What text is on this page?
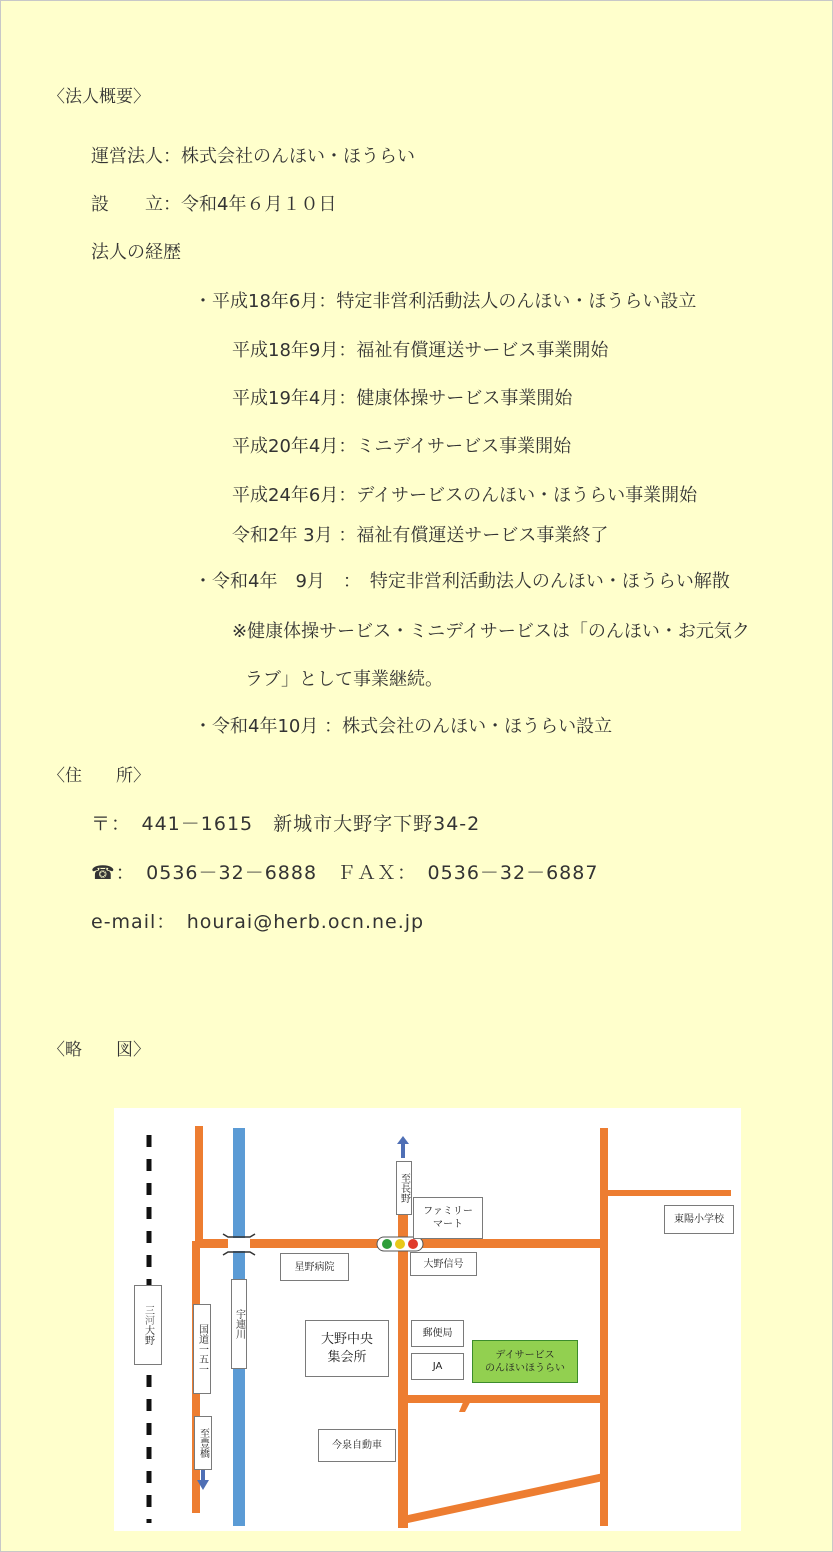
〈法人概要〉
運営法人：株式会社のんほい・ほうらい
設　　立：令和4年６月１０日
法人の経歴
・平成18年6月：特定非営利活動法人のんほい・ほうらい設立
平成18年9月：福祉有償運送サービス事業開始
平成19年4月：健康体操サービス事業開始
平成20年4月：ミニデイサービス事業開始
平成24年6月：デイサービスのんほい・ほうらい事業開始
令和2年 3月 ：福祉有償運送サービス事業終了
・令和4年　9月　：　特定非営利活動法人のんほい・ほうらい解散
※健康体操サービス・ミニデイサービスは「のんほい・お元気ク
ラブ」として事業継続。
・令和4年10月 ：株式会社のんほい・ほうらい設立
〈住　　所〉
〒：　441－1615　新城市大野字下野34-2
☎：　0536－32－6888　ＦＡＸ：　0536－32－6887
e-mail：　hourai@herb.ocn.ne.jp
〈略　　図〉
三
河
大野	国道一五一	宇連川
至豊橋
至長野
ファミリー
マート	東陽小学校
星野病院	大野信号
大野中央
集会所
郵便局
JA
デイサービス
のんほいほうらい
今泉自動車
